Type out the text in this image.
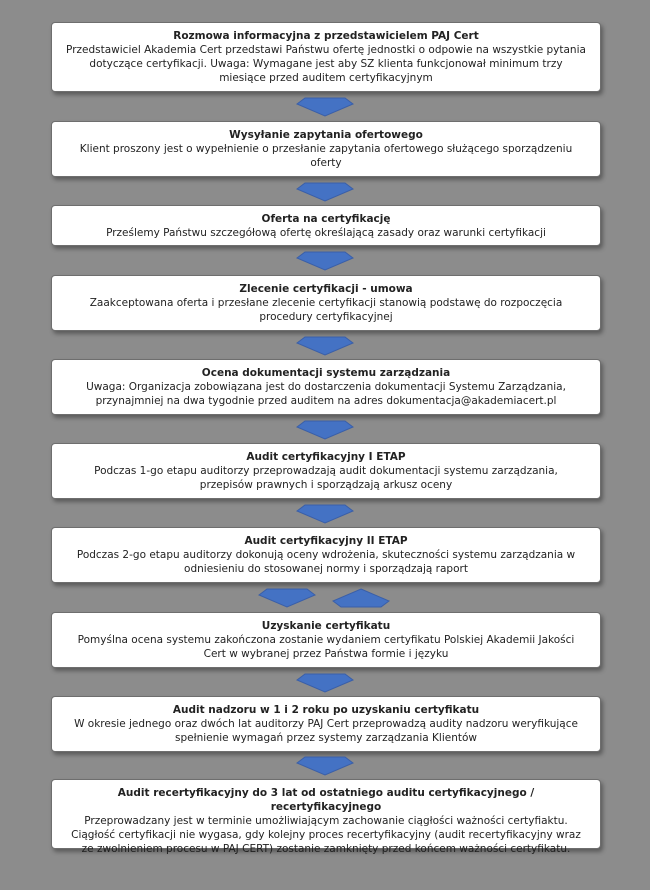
Rozmowa informacyjna z przedstawicielem PAJ Cert
Przedstawiciel Akademia Cert przedstawi Państwu ofertę jednostki o odpowie na wszystkie pytania dotyczące certyfikacji. Uwaga: Wymagane jest aby SZ klienta funkcjonował minimum trzy miesiące przed auditem certyfikacyjnym
Wysyłanie zapytania ofertowego
Klient proszony jest o wypełnienie o przesłanie zapytania ofertowego służącego sporządzeniu oferty
Oferta na certyfikację
Prześlemy Państwu szczegółową ofertę określającą zasady oraz warunki certyfikacji
Zlecenie certyfikacji - umowa
Zaakceptowana oferta i przesłane zlecenie certyfikacji stanowią podstawę do rozpoczęcia procedury certyfikacyjnej
Ocena dokumentacji systemu zarządzania
Uwaga: Organizacja zobowiązana jest do dostarczenia dokumentacji Systemu Zarządzania, przynajmniej na dwa tygodnie przed auditem na adres dokumentacja@akademiacert.pl
Audit certyfikacyjny I ETAP
Podczas 1-go etapu auditorzy przeprowadzają audit dokumentacji systemu zarządzania, przepisów prawnych i sporządzają arkusz oceny
Audit certyfikacyjny II ETAP
Podczas 2-go etapu auditorzy dokonują oceny wdrożenia, skuteczności systemu zarządzania w odniesieniu do stosowanej normy i sporządzają raport
Uzyskanie certyfikatu
Pomyślna ocena systemu zakończona zostanie wydaniem certyfikatu Polskiej Akademii Jakości Cert w wybranej przez Państwa formie i języku
Audit nadzoru w 1 i 2 roku po uzyskaniu certyfikatu
W okresie jednego oraz dwóch lat auditorzy PAJ Cert przeprowadzą audity nadzoru weryfikujące spełnienie wymagań przez systemy zarządzania Klientów
Audit recertyfikacyjny do 3 lat od ostatniego auditu certyfikacyjnego / recertyfikacyjnego
Przeprowadzany jest w terminie umożliwiającym zachowanie ciągłości ważności certyfiaktu. Ciągłość certyfikacji nie wygasa, gdy kolejny proces recertyfikacyjny (audit recertyfikacyjny wraz ze zwolnieniem procesu w PAJ CERT) zostanie zamknięty przed końcem ważności certyfikatu.
